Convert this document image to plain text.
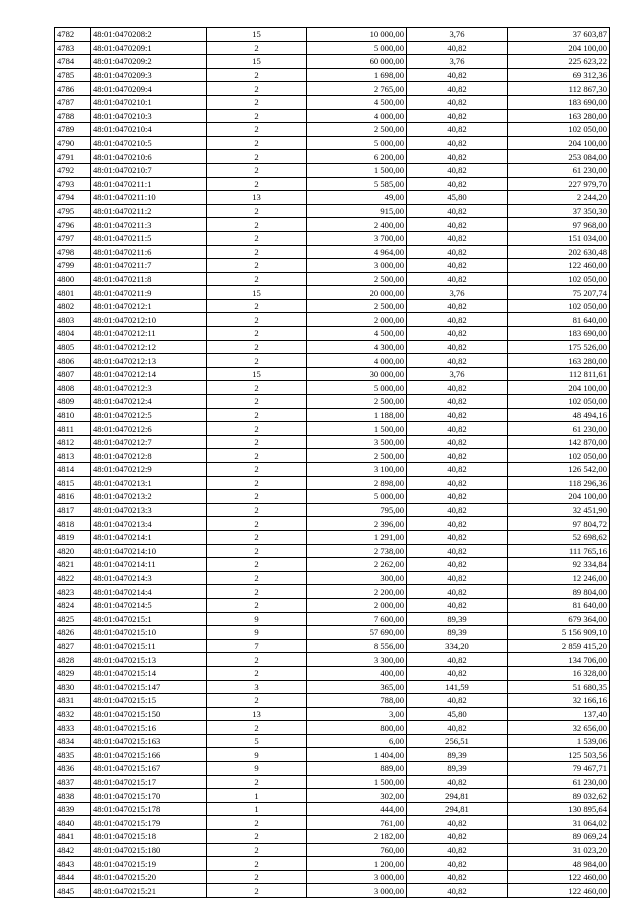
4782	48:01:0470208:2	15	10 000,00	3,76	37 603,87
4783	48:01:0470209:1	2	5 000,00	40,82	204 100,00
4784	48:01:0470209:2	15	60 000,00	3,76	225 623,22
4785	48:01:0470209:3	2	1 698,00	40,82	69 312,36
4786	48:01:0470209:4	2	2 765,00	40,82	112 867,30
4787	48:01:0470210:1	2	4 500,00	40,82	183 690,00
4788	48:01:0470210:3	2	4 000,00	40,82	163 280,00
4789	48:01:0470210:4	2	2 500,00	40,82	102 050,00
4790	48:01:0470210:5	2	5 000,00	40,82	204 100,00
4791	48:01:0470210:6	2	6 200,00	40,82	253 084,00
4792	48:01:0470210:7	2	1 500,00	40,82	61 230,00
4793	48:01:0470211:1	2	5 585,00	40,82	227 979,70
4794	48:01:0470211:10	13	49,00	45,80	2 244,20
4795	48:01:0470211:2	2	915,00	40,82	37 350,30
4796	48:01:0470211:3	2	2 400,00	40,82	97 968,00
4797	48:01:0470211:5	2	3 700,00	40,82	151 034,00
4798	48:01:0470211:6	2	4 964,00	40,82	202 630,48
4799	48:01:0470211:7	2	3 000,00	40,82	122 460,00
4800	48:01:0470211:8	2	2 500,00	40,82	102 050,00
4801	48:01:0470211:9	15	20 000,00	3,76	75 207,74
4802	48:01:0470212:1	2	2 500,00	40,82	102 050,00
4803	48:01:0470212:10	2	2 000,00	40,82	81 640,00
4804	48:01:0470212:11	2	4 500,00	40,82	183 690,00
4805	48:01:0470212:12	2	4 300,00	40,82	175 526,00
4806	48:01:0470212:13	2	4 000,00	40,82	163 280,00
4807	48:01:0470212:14	15	30 000,00	3,76	112 811,61
4808	48:01:0470212:3	2	5 000,00	40,82	204 100,00
4809	48:01:0470212:4	2	2 500,00	40,82	102 050,00
4810	48:01:0470212:5	2	1 188,00	40,82	48 494,16
4811	48:01:0470212:6	2	1 500,00	40,82	61 230,00
4812	48:01:0470212:7	2	3 500,00	40,82	142 870,00
4813	48:01:0470212:8	2	2 500,00	40,82	102 050,00
4814	48:01:0470212:9	2	3 100,00	40,82	126 542,00
4815	48:01:0470213:1	2	2 898,00	40,82	118 296,36
4816	48:01:0470213:2	2	5 000,00	40,82	204 100,00
4817	48:01:0470213:3	2	795,00	40,82	32 451,90
4818	48:01:0470213:4	2	2 396,00	40,82	97 804,72
4819	48:01:0470214:1	2	1 291,00	40,82	52 698,62
4820	48:01:0470214:10	2	2 738,00	40,82	111 765,16
4821	48:01:0470214:11	2	2 262,00	40,82	92 334,84
4822	48:01:0470214:3	2	300,00	40,82	12 246,00
4823	48:01:0470214:4	2	2 200,00	40,82	89 804,00
4824	48:01:0470214:5	2	2 000,00	40,82	81 640,00
4825	48:01:0470215:1	9	7 600,00	89,39	679 364,00
4826	48:01:0470215:10	9	57 690,00	89,39	5 156 909,10
4827	48:01:0470215:11	7	8 556,00	334,20	2 859 415,20
4828	48:01:0470215:13	2	3 300,00	40,82	134 706,00
4829	48:01:0470215:14	2	400,00	40,82	16 328,00
4830	48:01:0470215:147	3	365,00	141,59	51 680,35
4831	48:01:0470215:15	2	788,00	40,82	32 166,16
4832	48:01:0470215:150	13	3,00	45,80	137,40
4833	48:01:0470215:16	2	800,00	40,82	32 656,00
4834	48:01:0470215:163	5	6,00	256,51	1 539,06
4835	48:01:0470215:166	9	1 404,00	89,39	125 503,56
4836	48:01:0470215:167	9	889,00	89,39	79 467,71
4837	48:01:0470215:17	2	1 500,00	40,82	61 230,00
4838	48:01:0470215:170	1	302,00	294,81	89 032,62
4839	48:01:0470215:178	1	444,00	294,81	130 895,64
4840	48:01:0470215:179	2	761,00	40,82	31 064,02
4841	48:01:0470215:18	2	2 182,00	40,82	89 069,24
4842	48:01:0470215:180	2	760,00	40,82	31 023,20
4843	48:01:0470215:19	2	1 200,00	40,82	48 984,00
4844	48:01:0470215:20	2	3 000,00	40,82	122 460,00
4845	48:01:0470215:21	2	3 000,00	40,82	122 460,00
